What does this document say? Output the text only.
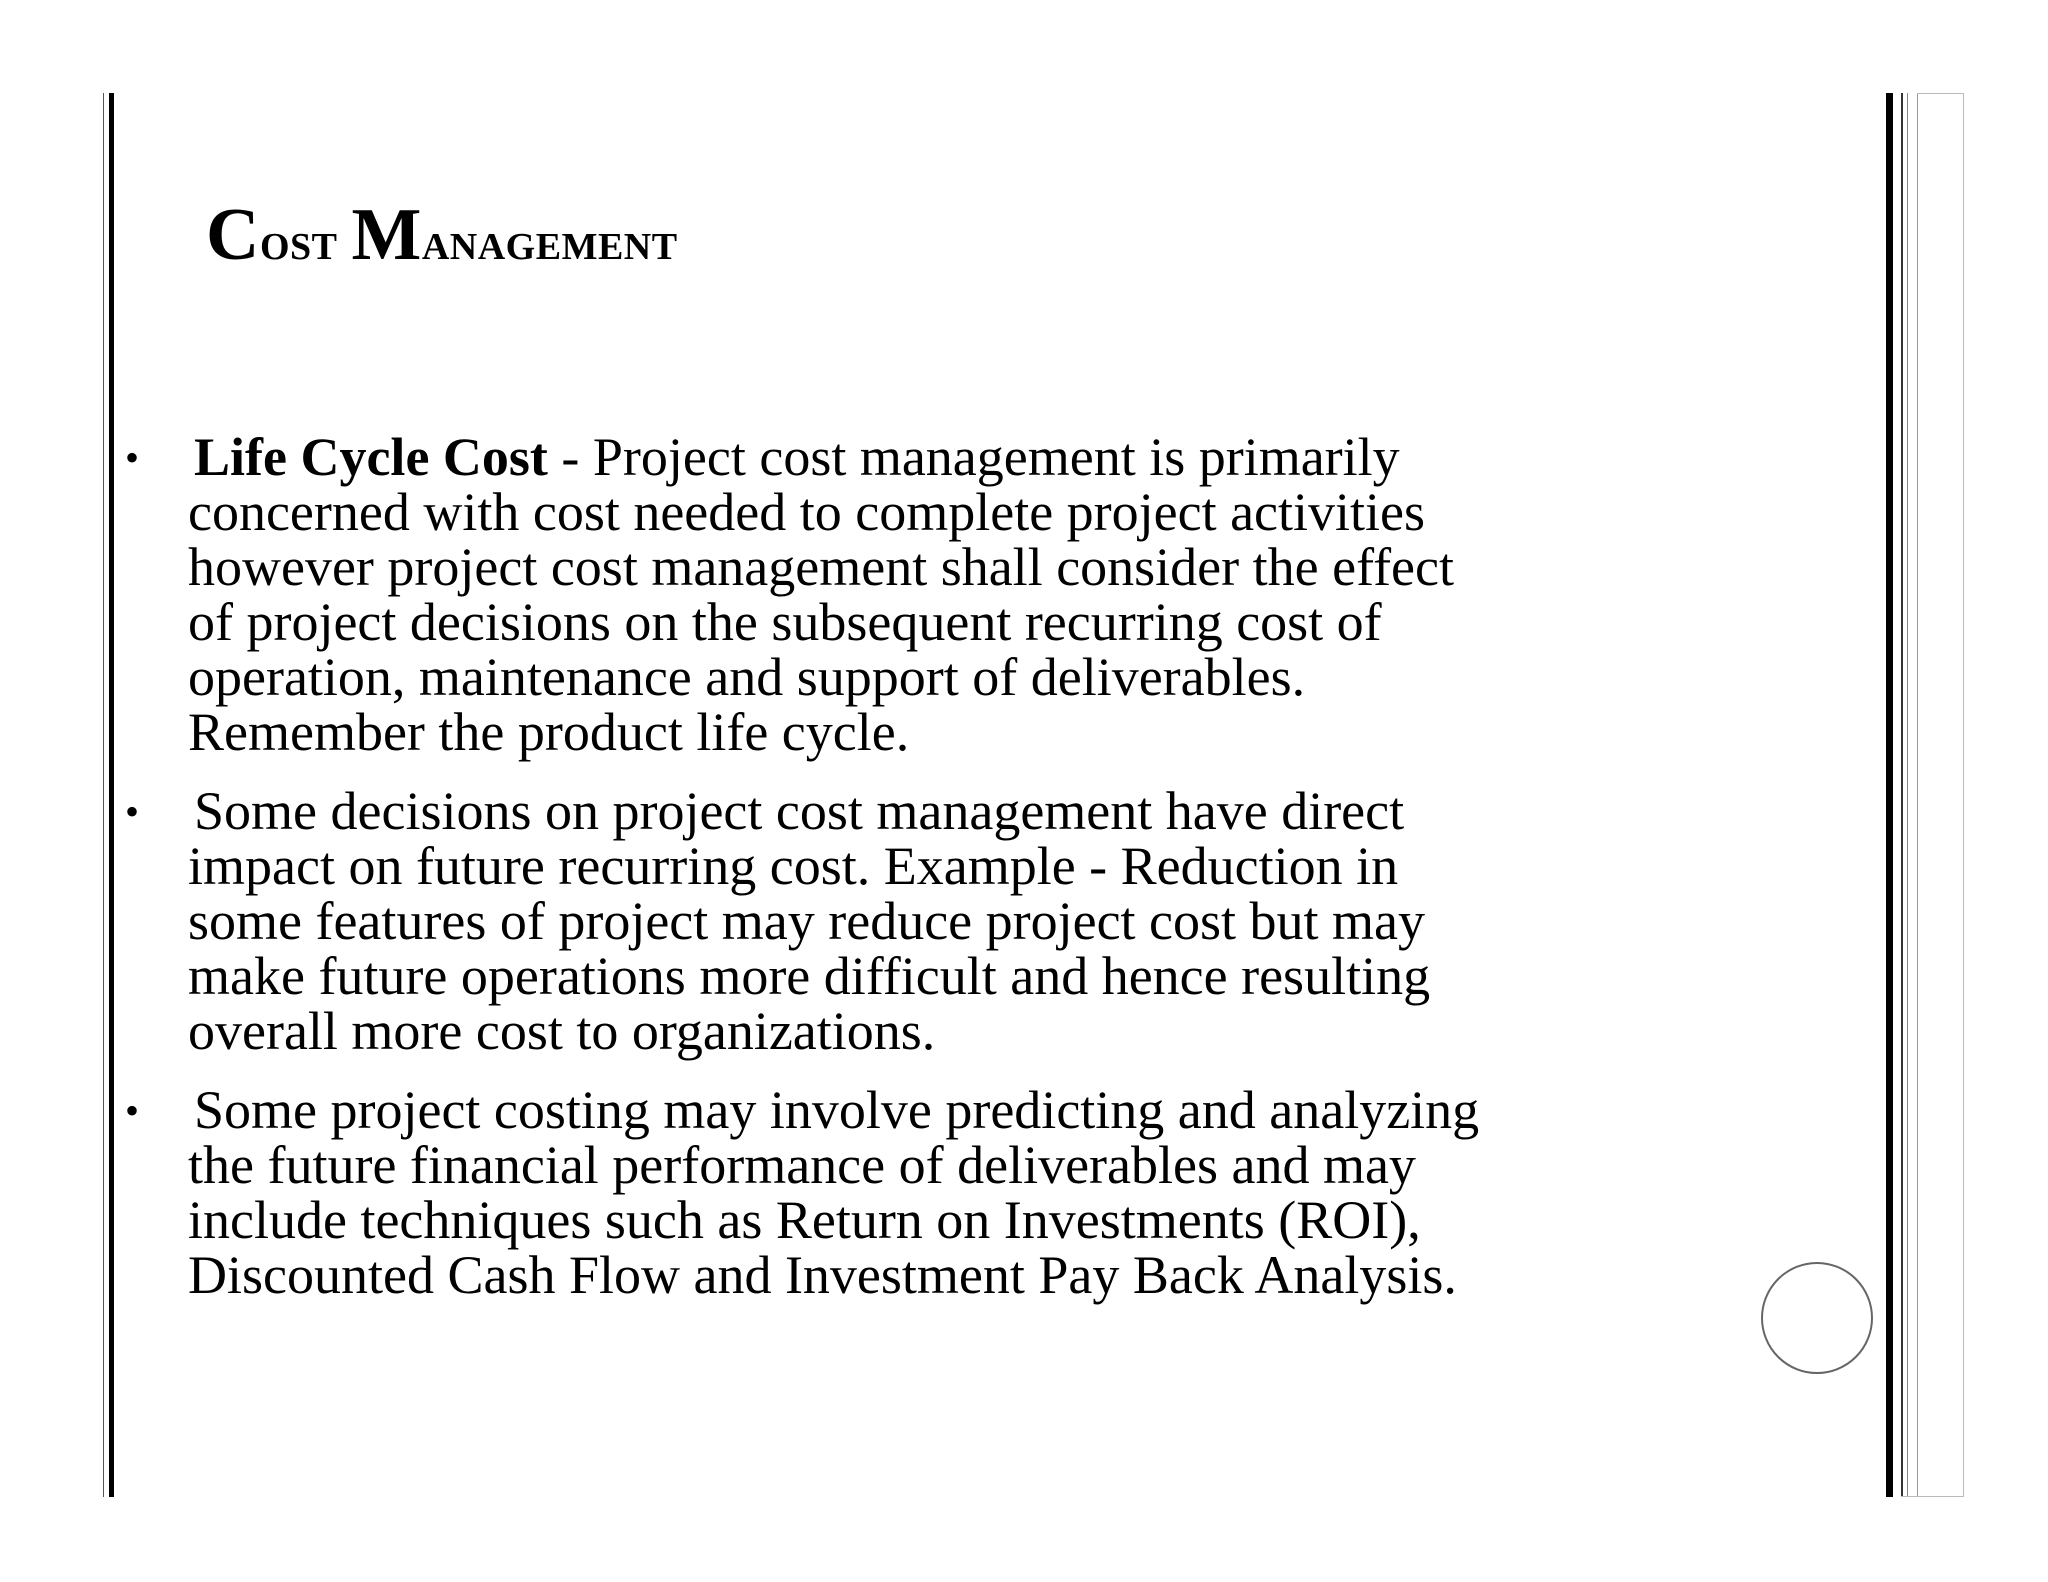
Cost Management
• Life Cycle Cost - Project cost management is primarily
concerned with cost needed to complete project activities
however project cost management shall consider the effect
of project decisions on the subsequent recurring cost of
operation, maintenance and support of deliverables.
Remember the product life cycle.
• Some decisions on project cost management have direct
impact on future recurring cost. Example - Reduction in
some features of project may reduce project cost but may
make future operations more difficult and hence resulting
overall more cost to organizations.
• Some project costing may involve predicting and analyzing
the future financial performance of deliverables and may
include techniques such as Return on Investments (ROI),
Discounted Cash Flow and Investment Pay Back Analysis.
